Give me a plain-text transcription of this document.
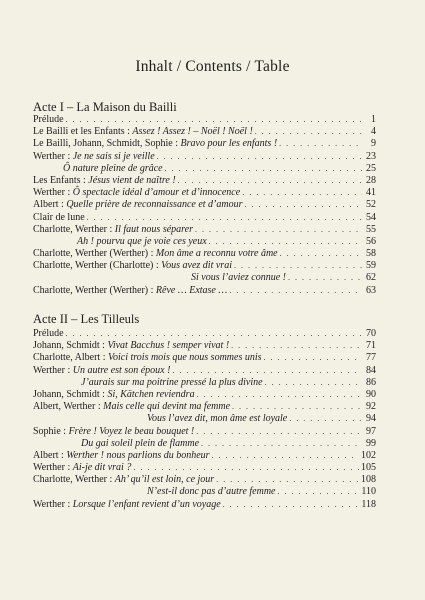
Inhalt / Contents / Table
Acte I – La Maison du Bailli
Prélude . . .	1
Le Bailli et les Enfants : Assez ! Assez ! – Noël ! Noël ! . . .	4
Le Bailli, Johann, Schmidt, Sophie : Bravo pour les enfants ! . . .	9
Werther : Je ne sais si je veille . . .	23
Ô nature pleine de grâce . . .	25
Les Enfants : Jésus vient de naître ! . . .	28
Werther : Ô spectacle idéal d’amour et d’innocence . . .	41
Albert : Quelle prière de reconnaissance et d’amour . . .	52
Clair de lune . . .	54
Charlotte, Werther : Il faut nous séparer . . .	55
Ah ! pourvu que je voie ces yeux . . .	56
Charlotte, Werther (Werther) : Mon âme a reconnu votre âme . . .	58
Charlotte, Werther (Charlotte) : Vous avez dit vrai . . .	59
Si vous l’aviez connue ! . . .	62
Charlotte, Werther (Werther) : Rêve … Extase … . . .	63
Acte II – Les Tilleuls
Prélude . . .	70
Johann, Schmidt : Vivat Bacchus ! semper vivat ! . . .	71
Charlotte, Albert : Voici trois mois que nous sommes unis . . .	77
Werther : Un autre est son époux ! . . .	84
J’aurais sur ma poitrine pressé la plus divine . . .	86
Johann, Schmidt : Si, Kätchen reviendra . . .	90
Albert, Werther : Mais celle qui devint ma femme . . .	92
Vous l’avez dit, mon âme est loyale . . .	94
Sophie : Frère ! Voyez le beau bouquet ! . . .	97
Du gai soleil plein de flamme . . .	99
Albert : Werther ! nous parlions du bonheur . . .	102
Werther : Ai-je dit vrai ? . . .	105
Charlotte, Werther : Ah’ qu’il est loin, ce jour . . .	108
N’est-il donc pas d’autre femme . . .	110
Werther : Lorsque l’enfant revient d’un voyage . . .	118
